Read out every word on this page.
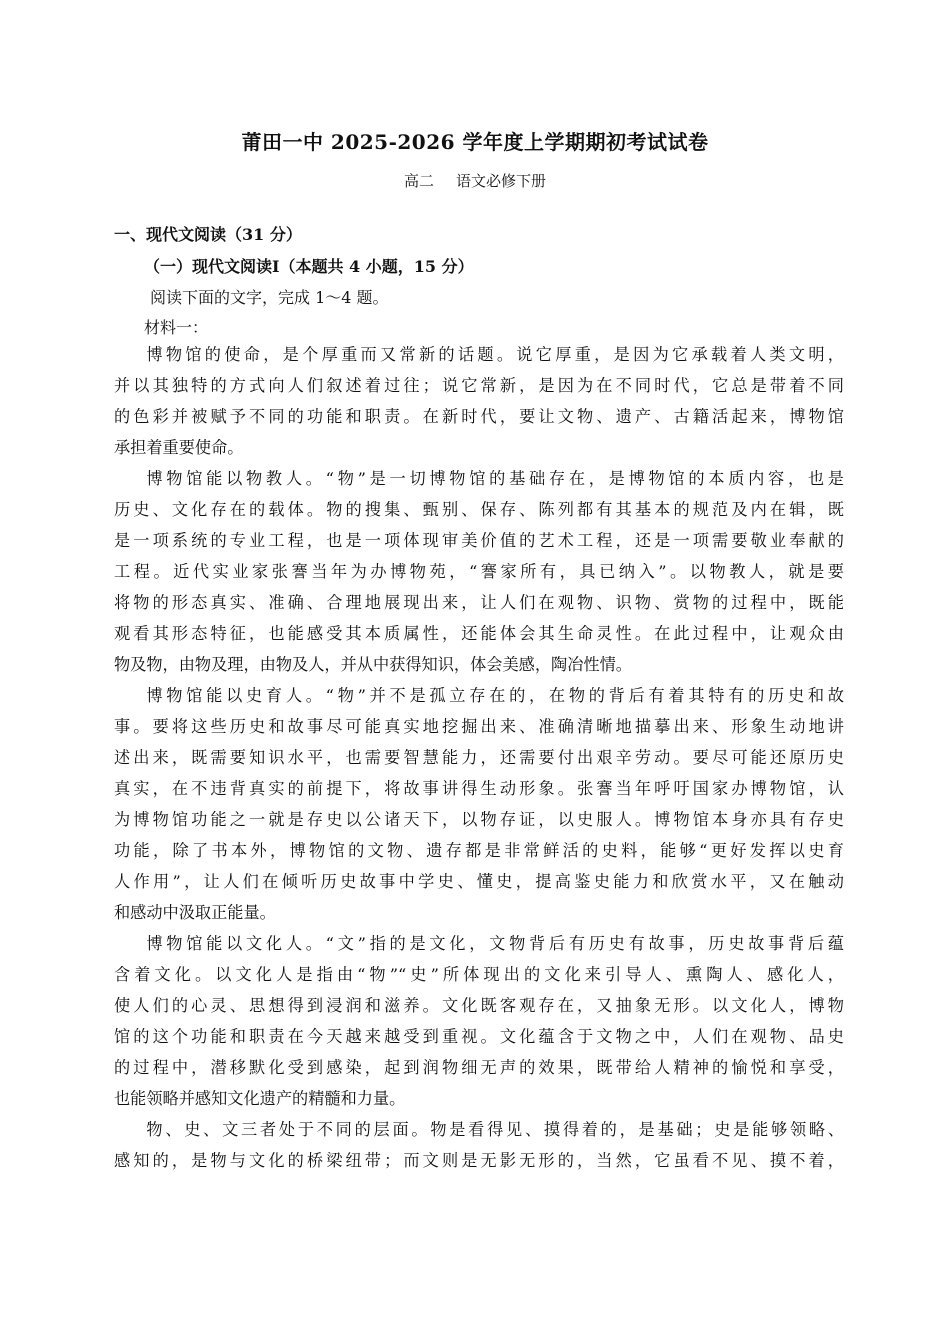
莆田一中 2025-2026 学年度上学期期初考试试卷
高二 语文必修下册
一、现代文阅读（31 分）
（一）现代文阅读Ⅰ（本题共 4 小题，15 分）
阅读下面的文字，完成 1～4 题。
材料一：
博物馆的使命，是个厚重而又常新的话题。说它厚重，是因为它承载着人类文明，
并以其独特的方式向人们叙述着过往；说它常新，是因为在不同时代，它总是带着不同
的色彩并被赋予不同的功能和职责。在新时代，要让文物、遗产、古籍活起来，博物馆
承担着重要使命。
博物馆能以物教人。“物”是一切博物馆的基础存在，是博物馆的本质内容，也是
历史、文化存在的载体。物的搜集、甄别、保存、陈列都有其基本的规范及内在辑，既
是一项系统的专业工程，也是一项体现审美价值的艺术工程，还是一项需要敬业奉献的
工程。近代实业家张謇当年为办博物苑，“謇家所有，具已纳入”。以物教人，就是要
将物的形态真实、准确、合理地展现出来，让人们在观物、识物、赏物的过程中，既能
观看其形态特征，也能感受其本质属性，还能体会其生命灵性。在此过程中，让观众由
物及物，由物及理，由物及人，并从中获得知识，体会美感，陶冶性情。
博物馆能以史育人。“物”并不是孤立存在的，在物的背后有着其特有的历史和故
事。要将这些历史和故事尽可能真实地挖掘出来、准确清晰地描摹出来、形象生动地讲
述出来，既需要知识水平，也需要智慧能力，还需要付出艰辛劳动。要尽可能还原历史
真实，在不违背真实的前提下，将故事讲得生动形象。张謇当年呼吁国家办博物馆，认
为博物馆功能之一就是存史以公诸天下，以物存证，以史服人。博物馆本身亦具有存史
功能，除了书本外，博物馆的文物、遗存都是非常鲜活的史料，能够“更好发挥以史育
人作用”，让人们在倾听历史故事中学史、懂史，提高鉴史能力和欣赏水平，又在触动
和感动中汲取正能量。
博物馆能以文化人。“文”指的是文化，文物背后有历史有故事，历史故事背后蕴
含着文化。以文化人是指由“物”“史”所体现出的文化来引导人、熏陶人、感化人，
使人们的心灵、思想得到浸润和滋养。文化既客观存在，又抽象无形。以文化人，博物
馆的这个功能和职责在今天越来越受到重视。文化蕴含于文物之中，人们在观物、品史
的过程中，潜移默化受到感染，起到润物细无声的效果，既带给人精神的愉悦和享受，
也能领略并感知文化遗产的精髓和力量。
物、史、文三者处于不同的层面。物是看得见、摸得着的，是基础；史是能够领略、
感知的，是物与文化的桥梁纽带；而文则是无影无形的，当然，它虽看不见、摸不着，
